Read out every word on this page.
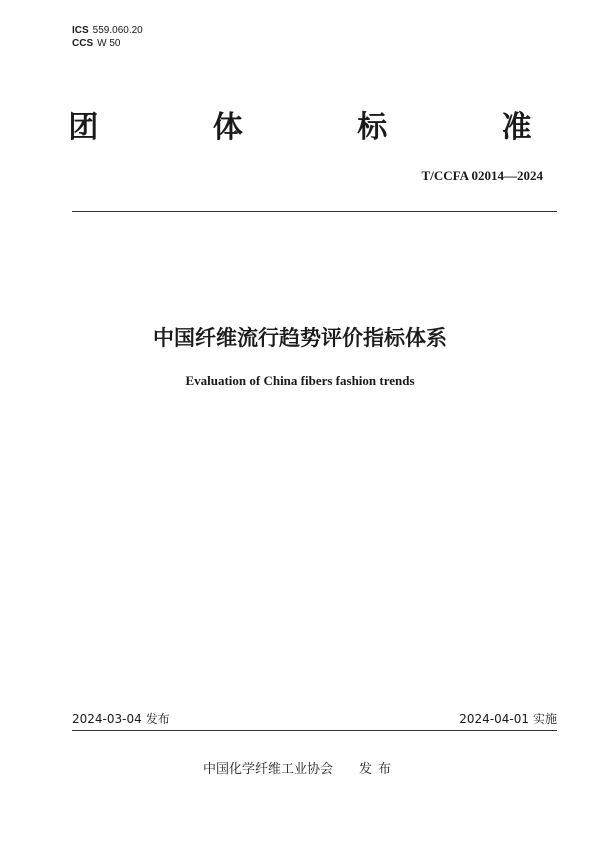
ICS 559.060.20
CCS W 50
团 体 标 准
T/CCFA 02014—2024
中国纤维流行趋势评价指标体系
Evaluation of China fibers fashion trends
2024-03-04 发布	2024-04-01 实施
中国化学纤维工业协会 发布
